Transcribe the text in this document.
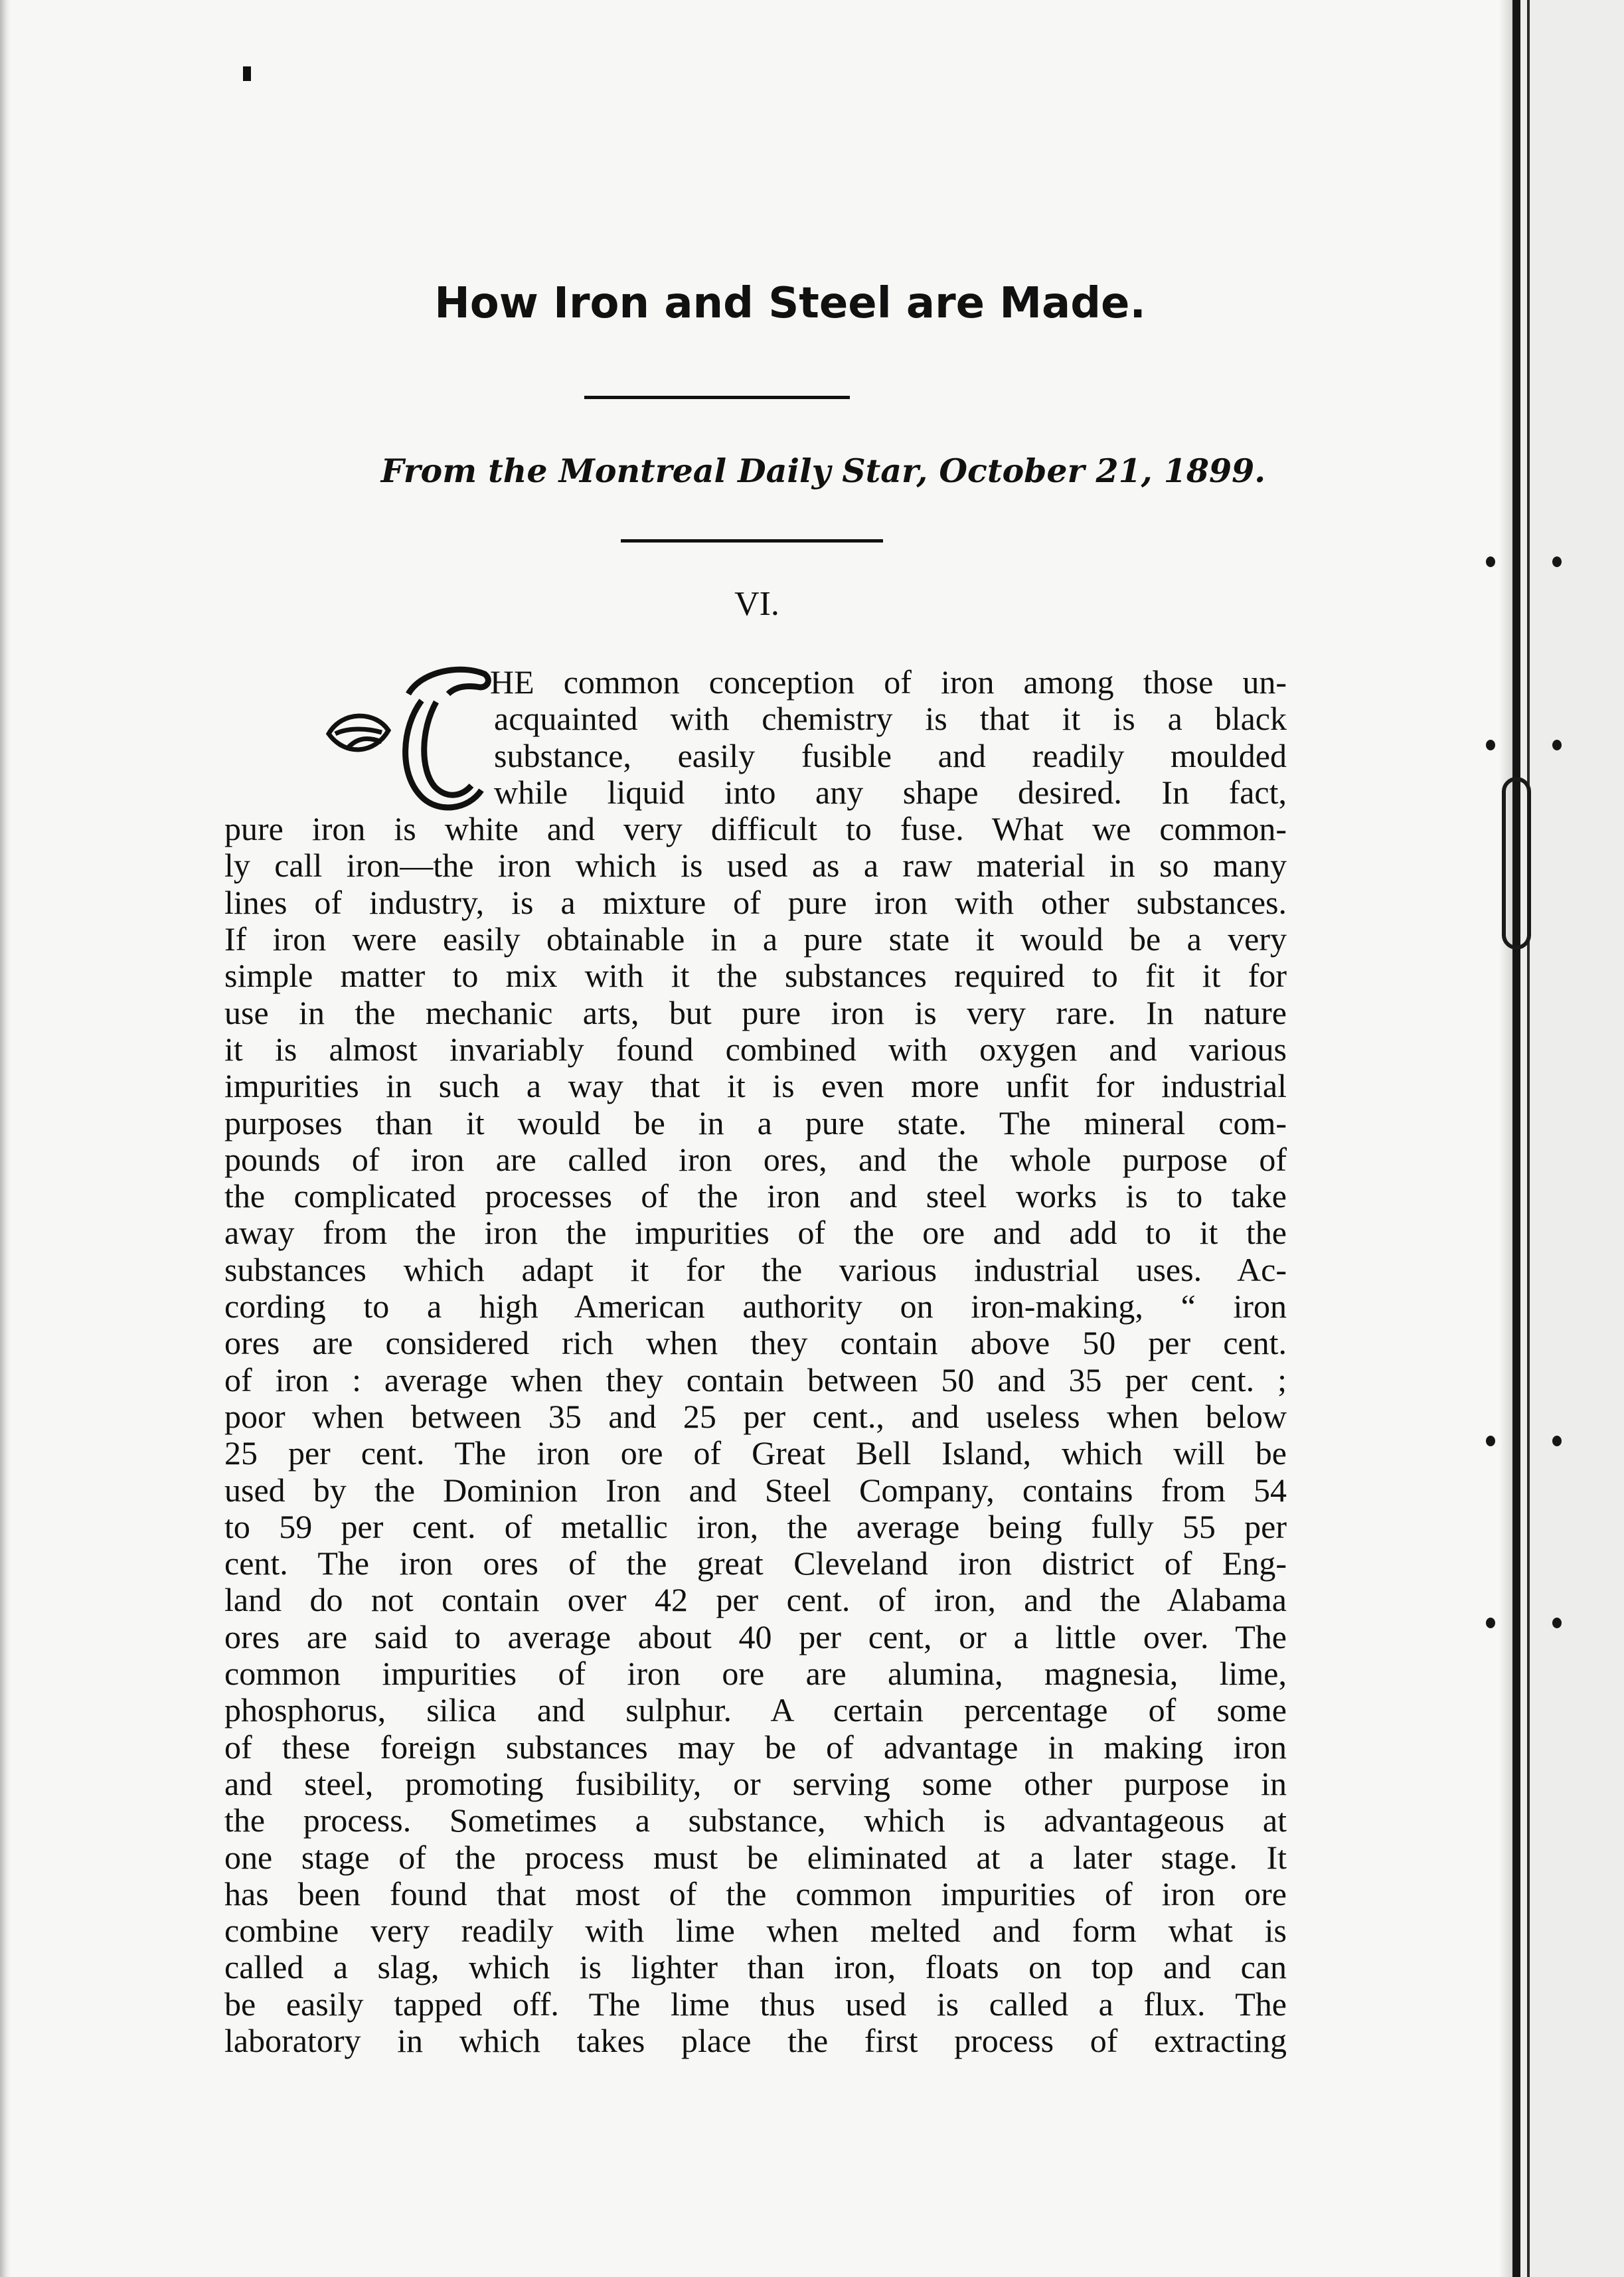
How Iron and Steel are Made.
From the Montreal Daily Star, October 21, 1899.
VI.
T
HE common conception of iron among those un-
acquainted with chemistry is that it is a black
substance, easily fusible and readily moulded
while liquid into any shape desired. In fact,
pure iron is white and very difficult to fuse. What we common-
ly call iron—the iron which is used as a raw material in so many
lines of industry, is a mixture of pure iron with other substances.
If iron were easily obtainable in a pure state it would be a very
simple matter to mix with it the substances required to fit it for
use in the mechanic arts, but pure iron is very rare. In nature
it is almost invariably found combined with oxygen and various
impurities in such a way that it is even more unfit for industrial
purposes than it would be in a pure state. The mineral com-
pounds of iron are called iron ores, and the whole purpose of
the complicated processes of the iron and steel works is to take
away from the iron the impurities of the ore and add to it the
substances which adapt it for the various industrial uses. Ac-
cording to a high American authority on iron-making, “ iron
ores are considered rich when they contain above 50 per cent.
of iron : average when they contain between 50 and 35 per cent. ;
poor when between 35 and 25 per cent., and useless when below
25 per cent. The iron ore of Great Bell Island, which will be
used by the Dominion Iron and Steel Company, contains from 54
to 59 per cent. of metallic iron, the average being fully 55 per
cent. The iron ores of the great Cleveland iron district of Eng-
land do not contain over 42 per cent. of iron, and the Alabama
ores are said to average about 40 per cent, or a little over. The
common impurities of iron ore are alumina, magnesia, lime,
phosphorus, silica and sulphur. A certain percentage of some
of these foreign substances may be of advantage in making iron
and steel, promoting fusibility, or serving some other purpose in
the process. Sometimes a substance, which is advantageous at
one stage of the process must be eliminated at a later stage. It
has been found that most of the common impurities of iron ore
combine very readily with lime when melted and form what is
called a slag, which is lighter than iron, floats on top and can
be easily tapped off. The lime thus used is called a flux. The
laboratory in which takes place the first process of extracting
